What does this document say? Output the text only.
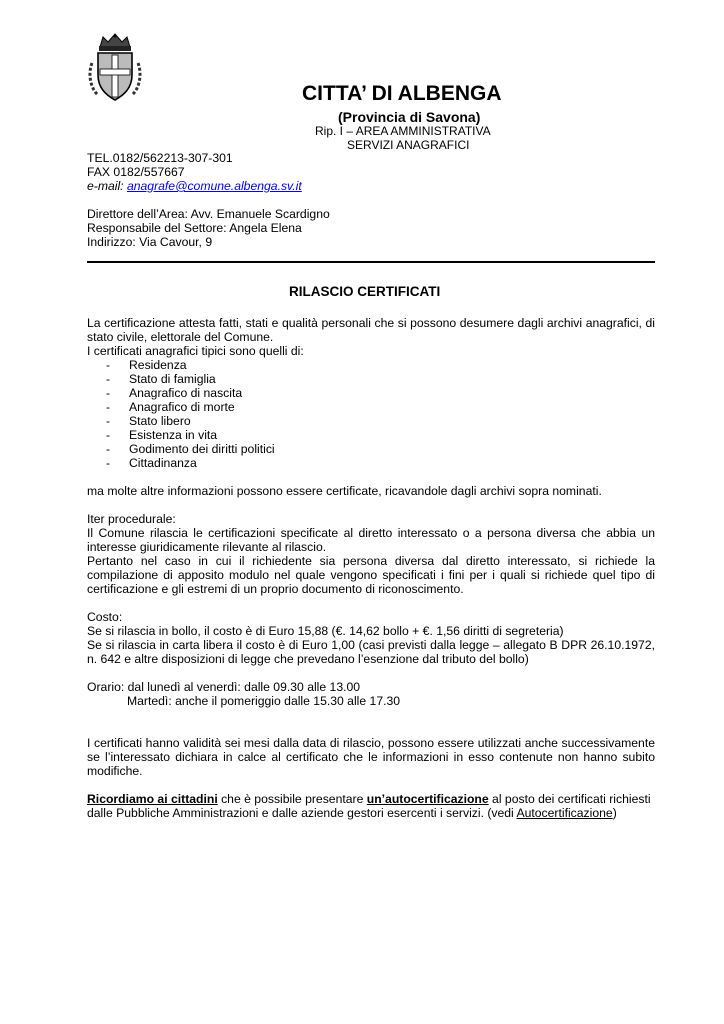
CITTA’ DI ALBENGA
(Provincia di Savona)
Rip. I – AREA AMMINISTRATIVA
SERVIZI ANAGRAFICI
TEL.0182/562213-307-301
FAX 0182/557667
e-mail: anagrafe@comune.albenga.sv.it
Direttore dell’Area: Avv. Emanuele Scardigno
Responsabile del Settore: Angela Elena
Indirizzo: Via Cavour, 9
RILASCIO CERTIFICATI
La certificazione attesta fatti, stati e qualità personali che si possono desumere dagli archivi anagrafici, di
stato civile, elettorale del Comune.
I certificati anagrafici tipici sono quelli di:
- Residenza
- Stato di famiglia
- Anagrafico di nascita
- Anagrafico di morte
- Stato libero
- Esistenza in vita
- Godimento dei diritti politici
- Cittadinanza
ma molte altre informazioni possono essere certificate, ricavandole dagli archivi sopra nominati.
Iter procedurale:
Il Comune rilascia le certificazioni specificate al diretto interessato o a persona diversa che abbia un
interesse giuridicamente rilevante al rilascio.
Pertanto nel caso in cui il richiedente sia persona diversa dal diretto interessato, si richiede la
compilazione di apposito modulo nel quale vengono specificati i fini per i quali si richiede quel tipo di
certificazione e gli estremi di un proprio documento di riconoscimento.
Costo:
Se si rilascia in bollo, il costo è di Euro 15,88 (€. 14,62 bollo + €. 1,56 diritti di segreteria)
Se si rilascia in carta libera il costo è di Euro 1,00 (casi previsti dalla legge – allegato B DPR 26.10.1972,
n. 642 e altre disposizioni di legge che prevedano l’esenzione dal tributo del bollo)
Orario: dal lunedì al venerdì: dalle 09.30 alle 13.00
Martedì: anche il pomeriggio dalle 15.30 alle 17.30
I certificati hanno validità sei mesi dalla data di rilascio, possono essere utilizzati anche successivamente
se l’interessato dichiara in calce al certificato che le informazioni in esso contenute non hanno subito
modifiche.
Ricordiamo ai cittadini che è possibile presentare un’autocertificazione al posto dei certificati richiesti
dalle Pubbliche Amministrazioni e dalle aziende gestori esercenti i servizi. (vedi Autocertificazione)
